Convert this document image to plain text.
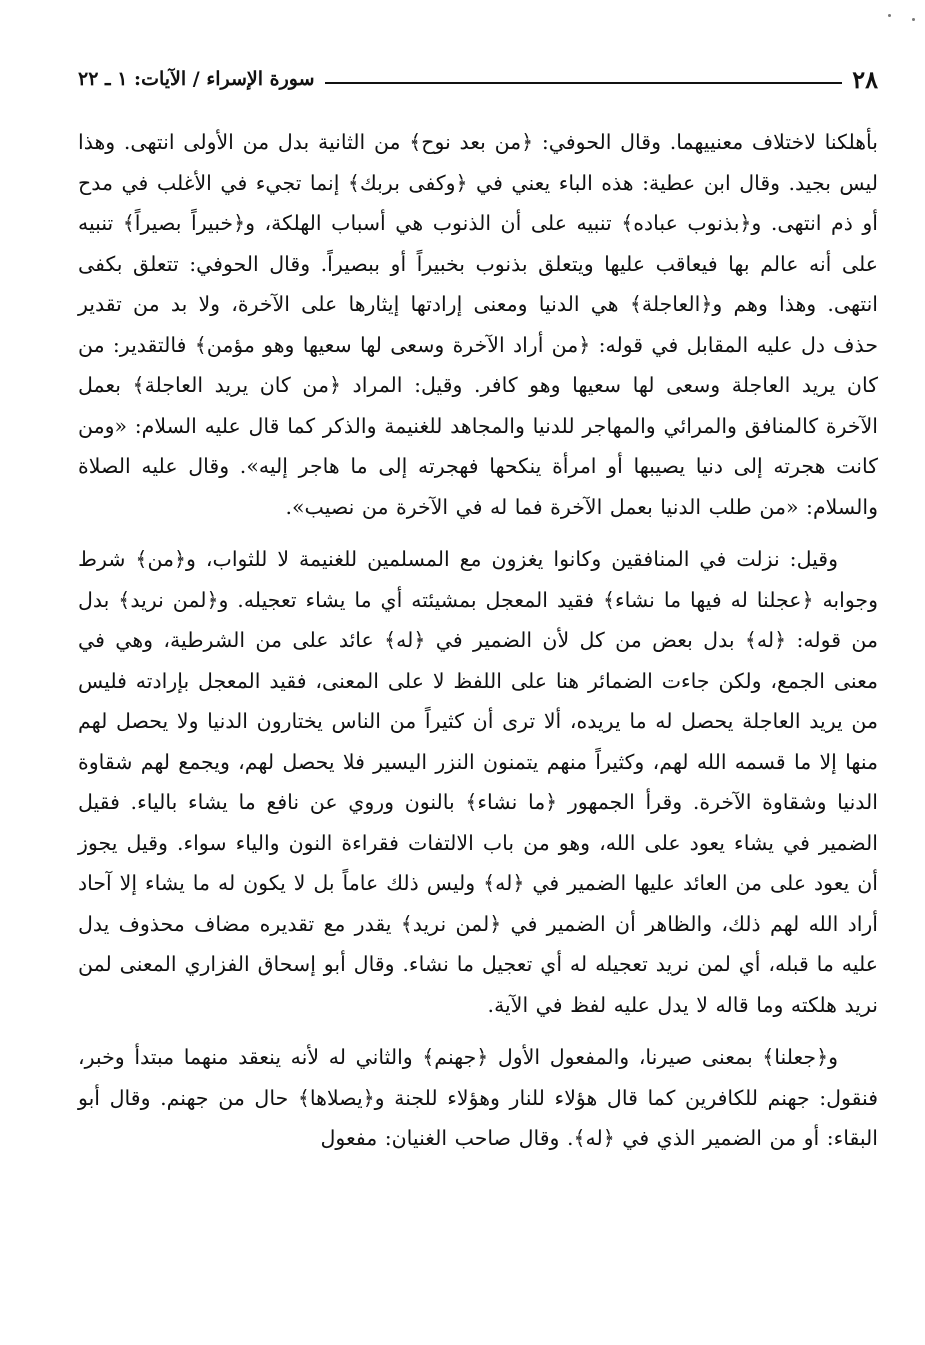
٢٨
سورة الإسراء / الآيات: ١ ـ ٢٢

بأهلكنا لاختلاف معنييهما. وقال الحوفي: ﴿من بعد نوح﴾ من الثانية بدل من الأولى انتهى. وهذا ليس بجيد. وقال ابن عطية: هذه الباء يعني في ﴿وكفى بربك﴾ إنما تجيء في الأغلب في مدح أو ذم انتهى. و﴿بذنوب عباده﴾ تنبيه على أن الذنوب هي أسباب الهلكة، و﴿خبيراً بصيراً﴾ تنبيه على أنه عالم بها فيعاقب عليها ويتعلق بذنوب بخبيراً أو ببصيراً. وقال الحوفي: تتعلق بكفى انتهى. وهذا وهم و﴿العاجلة﴾ هي الدنيا ومعنى إرادتها إيثارها على الآخرة، ولا بد من تقدير حذف دل عليه المقابل في قوله: ﴿من أراد الآخرة وسعى لها سعيها وهو مؤمن﴾ فالتقدير: من كان يريد العاجلة وسعى لها سعيها وهو كافر. وقيل: المراد ﴿من كان يريد العاجلة﴾ بعمل الآخرة كالمنافق والمرائي والمهاجر للدنيا والمجاهد للغنيمة والذكر كما قال عليه السلام: «ومن كانت هجرته إلى دنيا يصيبها أو امرأة ينكحها فهجرته إلى ما هاجر إليه». وقال عليه الصلاة والسلام: «من طلب الدنيا بعمل الآخرة فما له في الآخرة من نصيب».

وقيل: نزلت في المنافقين وكانوا يغزون مع المسلمين للغنيمة لا للثواب، و﴿من﴾ شرط وجوابه ﴿عجلنا له فيها ما نشاء﴾ فقيد المعجل بمشيئته أي ما يشاء تعجيله. و﴿لمن نريد﴾ بدل من قوله: ﴿له﴾ بدل بعض من كل لأن الضمير في ﴿له﴾ عائد على من الشرطية، وهي في معنى الجمع، ولكن جاءت الضمائر هنا على اللفظ لا على المعنى، فقيد المعجل بإرادته فليس من يريد العاجلة يحصل له ما يريده، ألا ترى أن كثيراً من الناس يختارون الدنيا ولا يحصل لهم منها إلا ما قسمه الله لهم، وكثيراً منهم يتمنون النزر اليسير فلا يحصل لهم، ويجمع لهم شقاوة الدنيا وشقاوة الآخرة. وقرأ الجمهور ﴿ما نشاء﴾ بالنون وروي عن نافع ما يشاء بالياء. فقيل الضمير في يشاء يعود على الله، وهو من باب الالتفات فقراءة النون والياء سواء. وقيل يجوز أن يعود على من العائد عليها الضمير في ﴿له﴾ وليس ذلك عاماً بل لا يكون له ما يشاء إلا آحاد أراد الله لهم ذلك، والظاهر أن الضمير في ﴿لمن نريد﴾ يقدر مع تقديره مضاف محذوف يدل عليه ما قبله، أي لمن نريد تعجيله له أي تعجيل ما نشاء. وقال أبو إسحاق الفزاري المعنى لمن نريد هلكته وما قاله لا يدل عليه لفظ في الآية.

و﴿جعلنا﴾ بمعنى صيرنا، والمفعول الأول ﴿جهنم﴾ والثاني له لأنه ينعقد منهما مبتدأ وخبر، فنقول: جهنم للكافرين كما قال هؤلاء للنار وهؤلاء للجنة و﴿يصلاها﴾ حال من جهنم. وقال أبو البقاء: أو من الضمير الذي في ﴿له﴾. وقال صاحب الغنيان: مفعول
